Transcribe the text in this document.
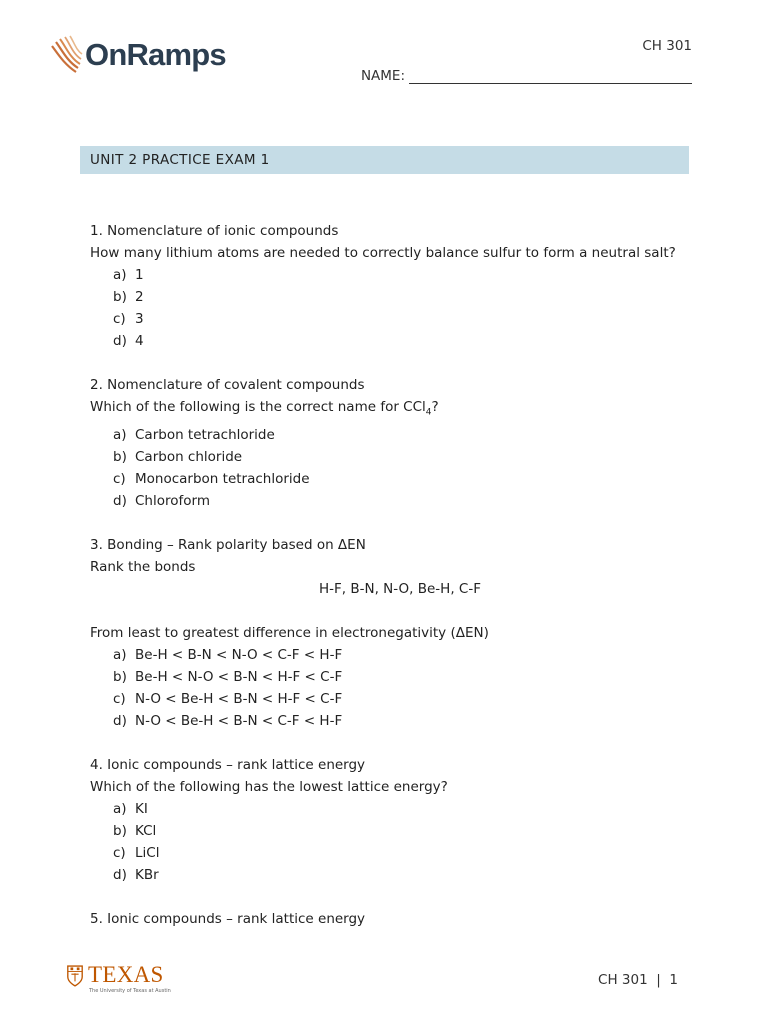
OnRamps	CH 301
NAME:
UNIT 2 PRACTICE EXAM 1
1. Nomenclature of ionic compounds
How many lithium atoms are needed to correctly balance sulfur to form a neutral salt?
a) 1
b) 2
c) 3
d) 4
2. Nomenclature of covalent compounds
Which of the following is the correct name for CCl$_4$?
a) Carbon tetrachloride
b) Carbon chloride
c) Monocarbon tetrachloride
d) Chloroform
3. Bonding – Rank polarity based on ΔEN
Rank the bonds
H-F, B-N, N-O, Be-H, C-F
From least to greatest difference in electronegativity (ΔEN)
a) Be-H < B-N < N-O < C-F < H-F
b) Be-H < N-O < B-N < H-F < C-F
c) N-O < Be-H < B-N < H-F < C-F
d) N-O < Be-H < B-N < C-F < H-F
4. Ionic compounds – rank lattice energy
Which of the following has the lowest lattice energy?
a) KI
b) KCl
c) LiCl
d) KBr
5. Ionic compounds – rank lattice energy
TEXAS
The University of Texas at Austin
CH 301  |  1
